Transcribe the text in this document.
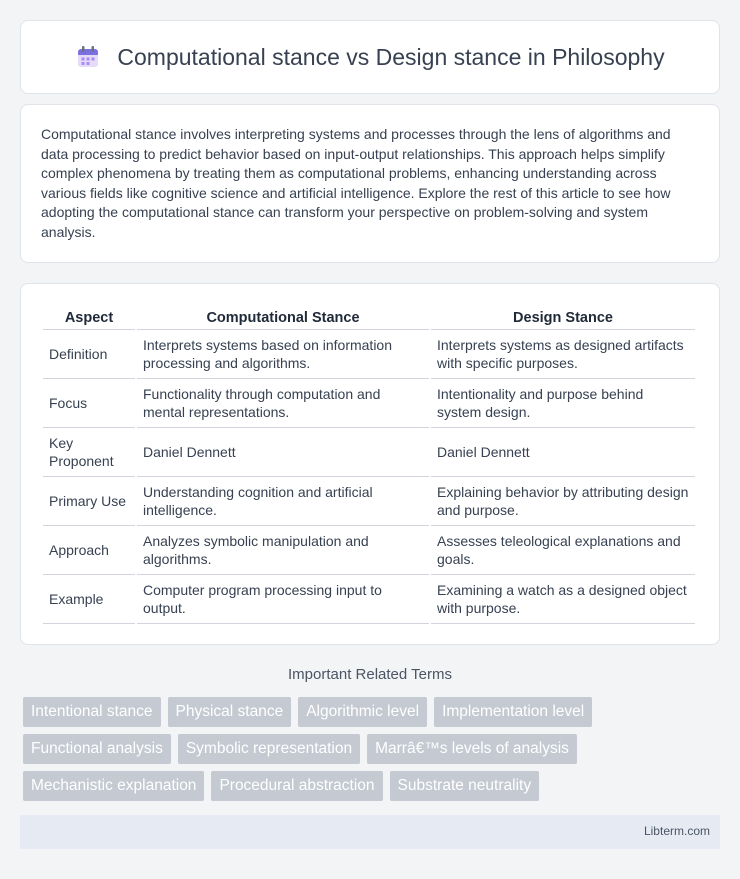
Computational stance vs Design stance in Philosophy

Computational stance involves interpreting systems and processes through the lens of algorithms and data processing to predict behavior based on input-output relationships. This approach helps simplify complex phenomena by treating them as computational problems, enhancing understanding across various fields like cognitive science and artificial intelligence. Explore the rest of this article to see how adopting the computational stance can transform your perspective on problem-solving and system analysis.

Aspect	Computational Stance	Design Stance
Definition	Interprets systems based on information processing and algorithms.	Interprets systems as designed artifacts with specific purposes.
Focus	Functionality through computation and mental representations.	Intentionality and purpose behind system design.
Key Proponent	Daniel Dennett	Daniel Dennett
Primary Use	Understanding cognition and artificial intelligence.	Explaining behavior by attributing design and purpose.
Approach	Analyzes symbolic manipulation and algorithms.	Assesses teleological explanations and goals.
Example	Computer program processing input to output.	Examining a watch as a designed object with purpose.
Important Related Terms
Intentional stance	Physical stance	Algorithmic level	Implementation level
Functional analysis	Symbolic representation	Marrâ€™s levels of analysis
Mechanistic explanation	Procedural abstraction	Substrate neutrality
Libterm.com
